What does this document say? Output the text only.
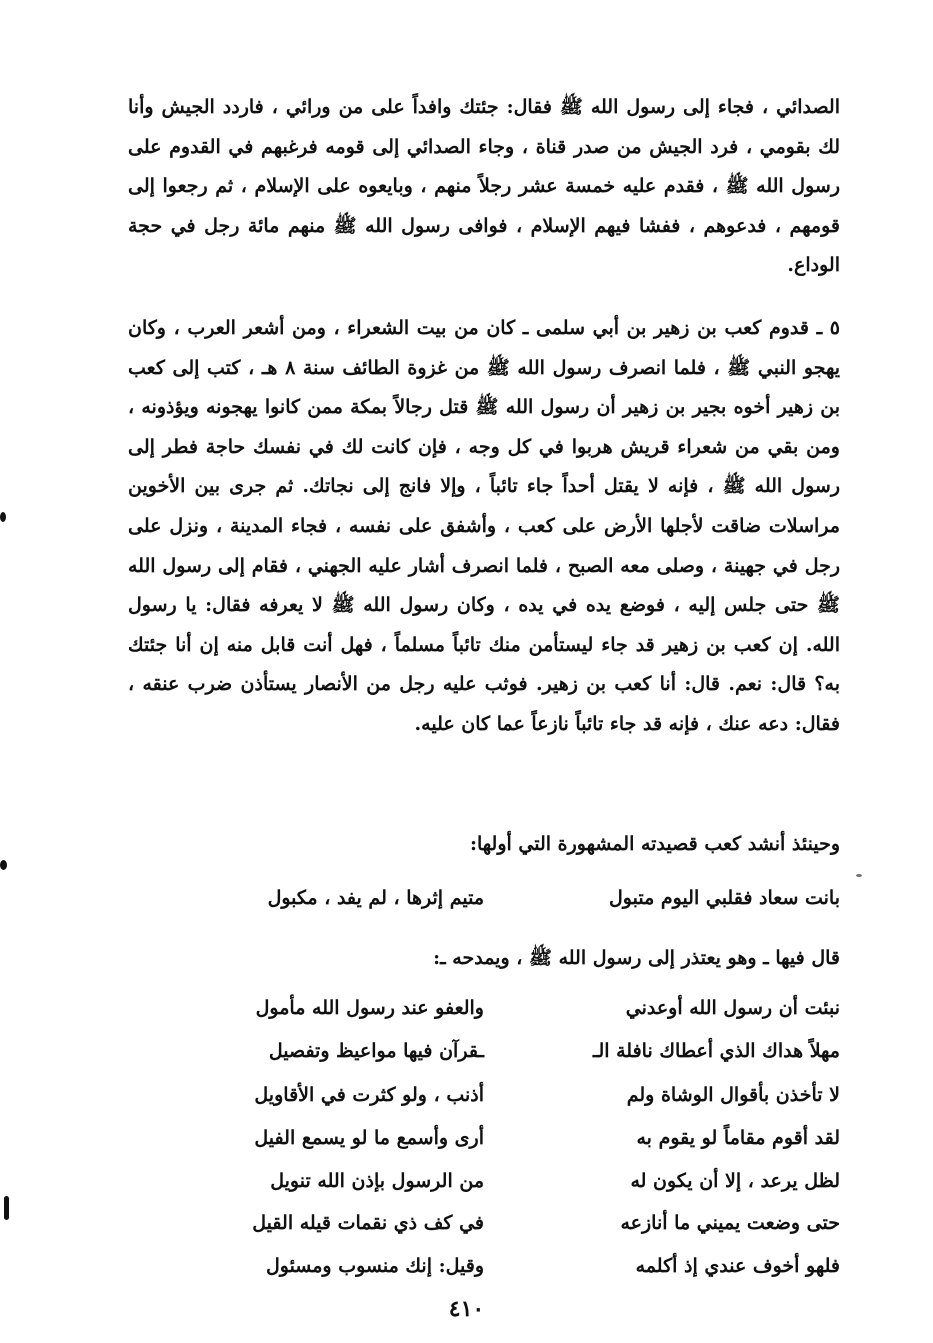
الصدائي ، فجاء إلى رسول الله ﷺ فقال: جئتك وافداً على من ورائي ، فاردد الجيش وأنا لك بقومي ، فرد الجيش من صدر قناة ، وجاء الصدائي إلى قومه فرغبهم في القدوم على رسول الله ﷺ ، فقدم عليه خمسة عشر رجلاً منهم ، وبايعوه على الإسلام ، ثم رجعوا إلى قومهم ، فدعوهم ، ففشا فيهم الإسلام ، فوافى رسول الله ﷺ منهم مائة رجل في حجة الوداع.
٥ ـ قدوم كعب بن زهير بن أبي سلمى ـ كان من بيت الشعراء ، ومن أشعر العرب ، وكان يهجو النبي ﷺ ، فلما انصرف رسول الله ﷺ من غزوة الطائف سنة ٨ هـ ، كتب إلى كعب بن زهير أخوه بجير بن زهير أن رسول الله ﷺ قتل رجالاً بمكة ممن كانوا يهجونه ويؤذونه ، ومن بقي من شعراء قريش هربوا في كل وجه ، فإن كانت لك في نفسك حاجة فطر إلى رسول الله ﷺ ، فإنه لا يقتل أحداً جاء تائباً ، وإلا فانج إلى نجاتك. ثم جرى بين الأخوين مراسلات ضاقت لأجلها الأرض على كعب ، وأشفق على نفسه ، فجاء المدينة ، ونزل على رجل في جهينة ، وصلى معه الصبح ، فلما انصرف أشار عليه الجهني ، فقام إلى رسول الله ﷺ حتى جلس إليه ، فوضع يده في يده ، وكان رسول الله ﷺ لا يعرفه فقال: يا رسول الله. إن كعب بن زهير قد جاء ليستأمن منك تائباً مسلماً ، فهل أنت قابل منه إن أنا جئتك به؟ قال: نعم. قال: أنا كعب بن زهير. فوثب عليه رجل من الأنصار يستأذن ضرب عنقه ، فقال: دعه عنك ، فإنه قد جاء تائباً نازعاً عما كان عليه.
وحينئذ أنشد كعب قصيدته المشهورة التي أولها:
بانت سعاد فقلبي اليوم متبول
متيم إثرها ، لم يفد ، مكبول
قال فيها ـ وهو يعتذر إلى رسول الله ﷺ ، ويمدحه ـ:
نبئت أن رسول الله أوعدني
والعفو عند رسول الله مأمول
مهلاً هداك الذي أعطاك نافلة الـ
ـقرآن فيها مواعيظ وتفصيل
لا تأخذن بأقوال الوشاة ولم
أذنب ، ولو كثرت في الأقاويل
لقد أقوم مقاماً لو يقوم به
أرى وأسمع ما لو يسمع الفيل
لظل يرعد ، إلا أن يكون له
من الرسول بإذن الله تنويل
حتى وضعت يميني ما أنازعه
في كف ذي نقمات قيله القيل
فلهو أخوف عندي إذ أكلمه
وقيل: إنك منسوب ومسئول
٤١٠
